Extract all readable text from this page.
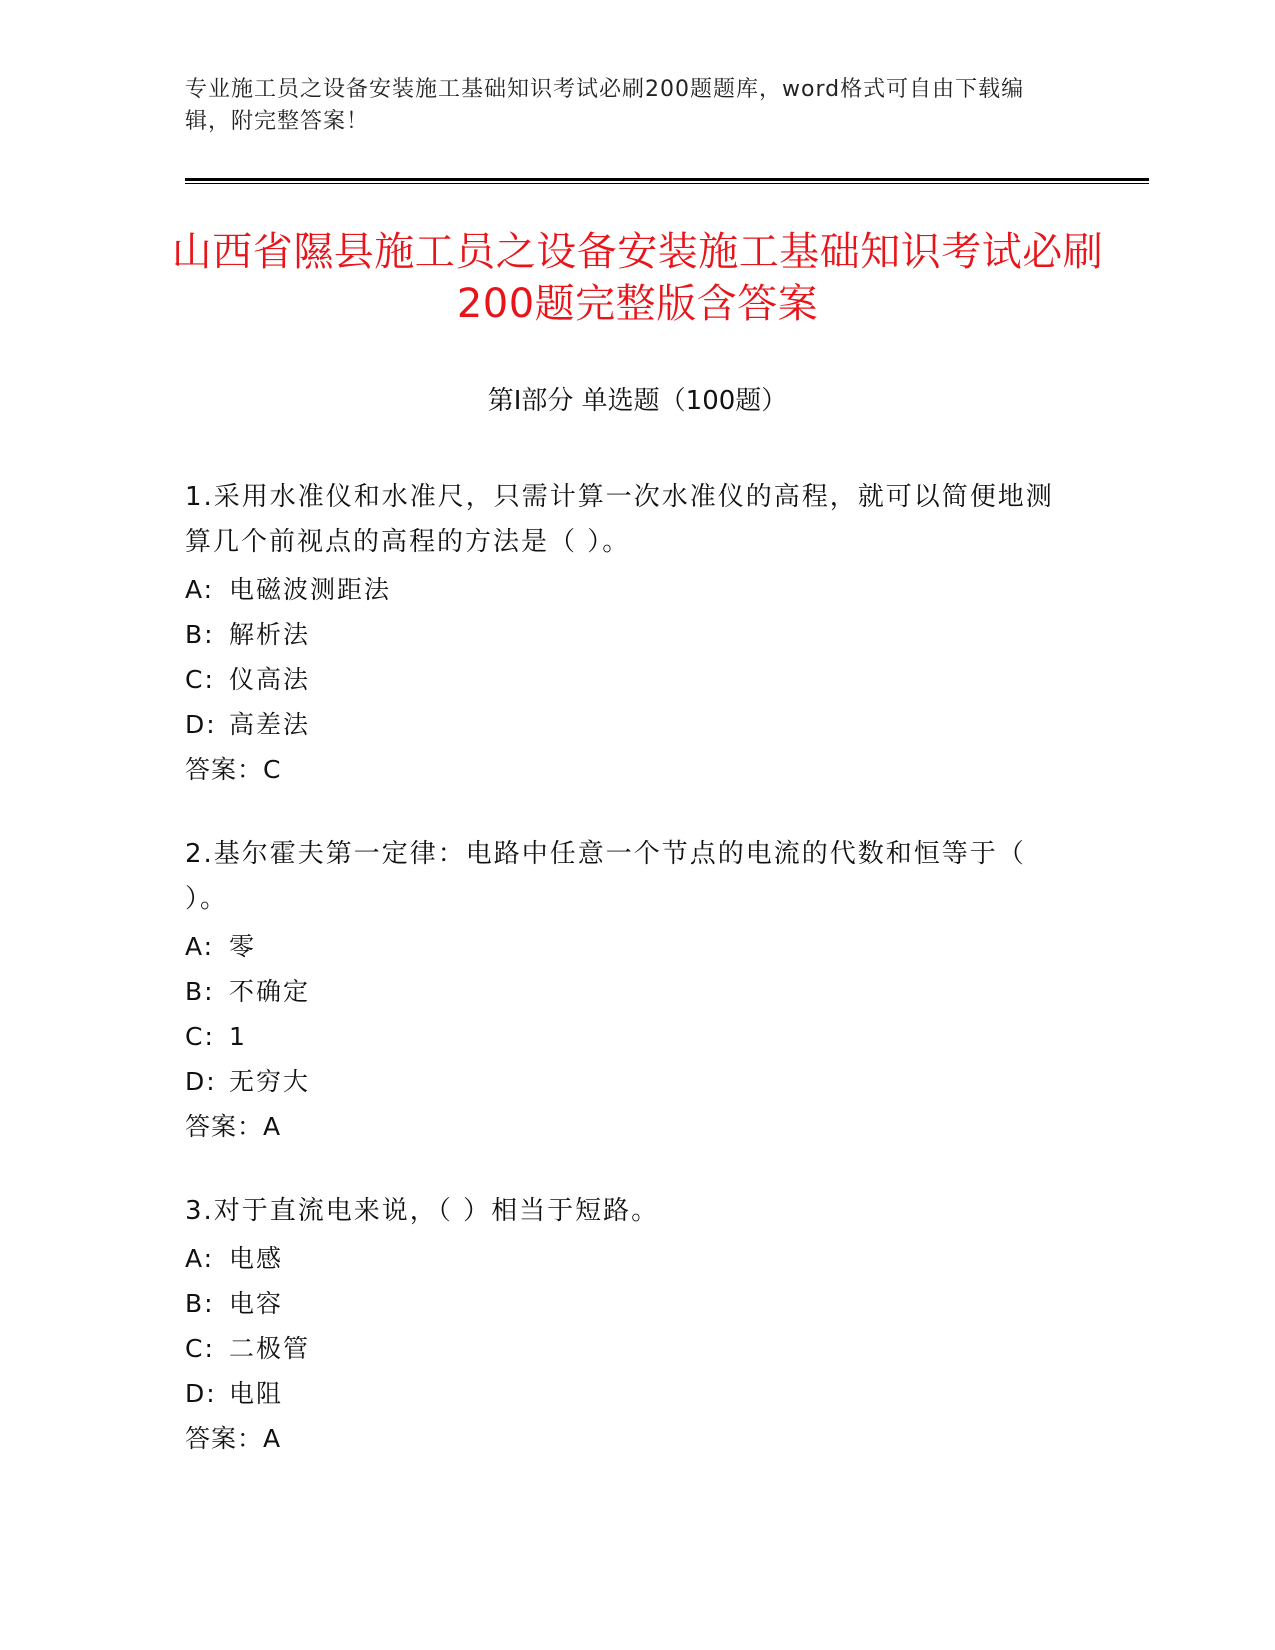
专业施工员之设备安装施工基础知识考试必刷200题题库，word格式可自由下载编辑，附完整答案！
山西省隰县施工员之设备安装施工基础知识考试必刷200题完整版含答案
第Ⅰ部分 单选题（100题）
1.采用水准仪和水准尺，只需计算一次水准仪的高程，就可以简便地测算几个前视点的高程的方法是（ ）。
A: 电磁波测距法
B: 解析法
C: 仪高法
D: 高差法
答案：C
2.基尔霍夫第一定律：电路中任意一个节点的电流的代数和恒等于（ ）。
A: 零
B: 不确定
C: 1
D: 无穷大
答案：A
3.对于直流电来说，（ ）相当于短路。
A: 电感
B: 电容
C: 二极管
D: 电阻
答案：A
